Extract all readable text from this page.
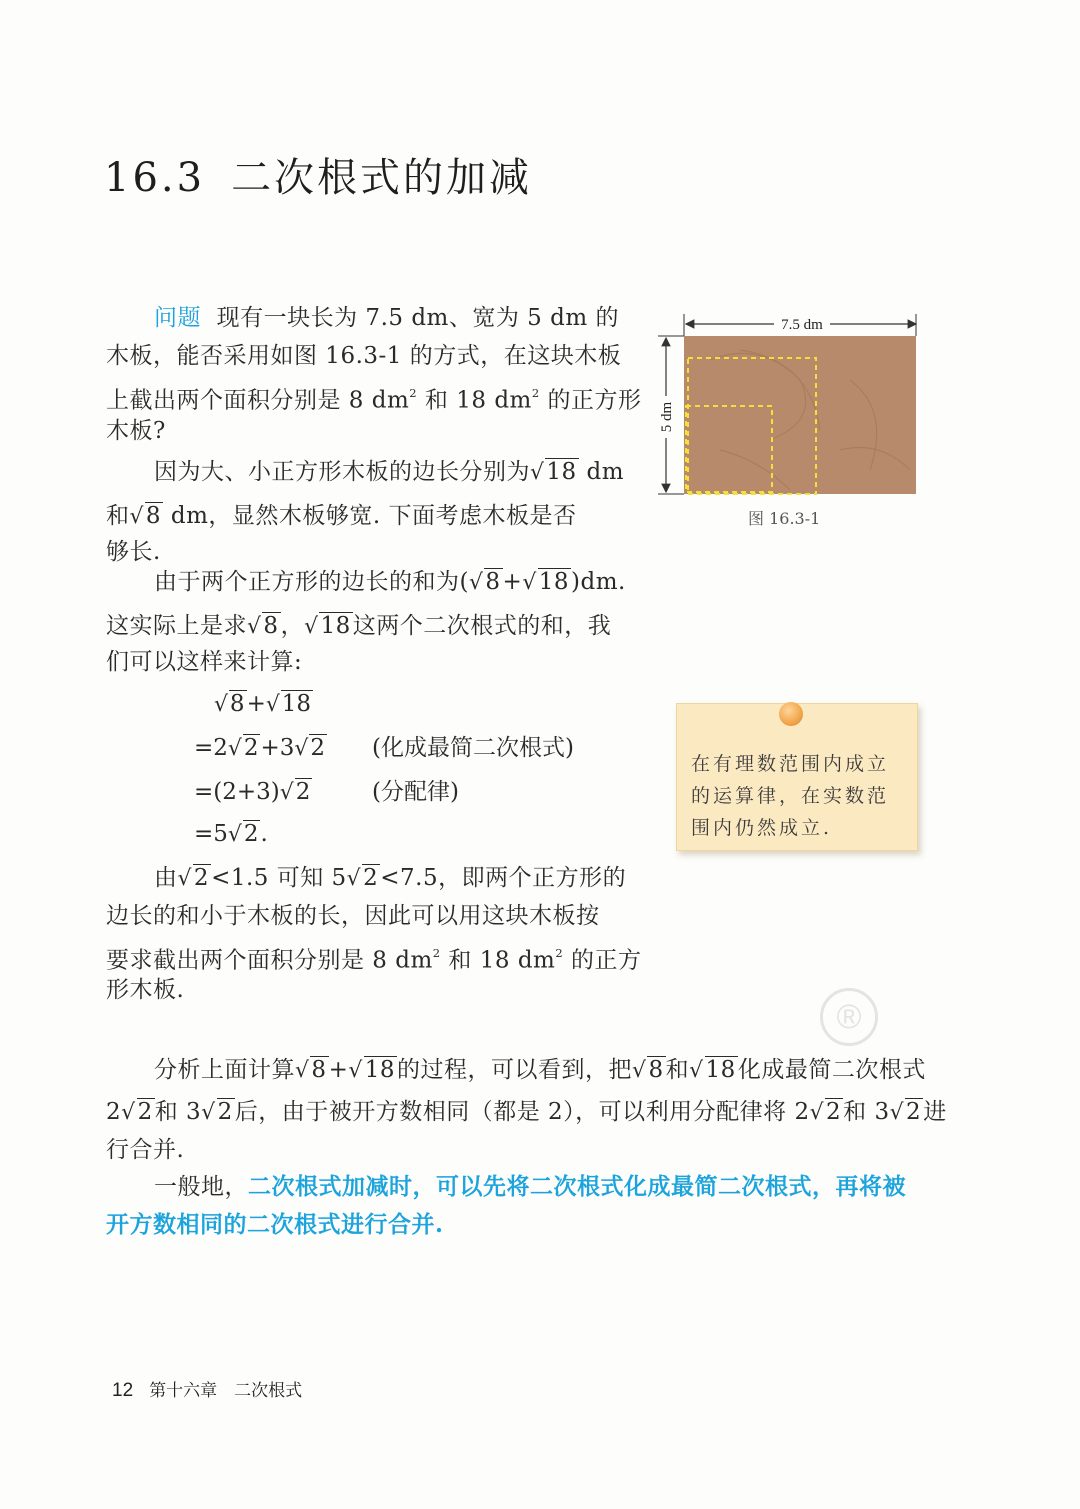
16.3 二次根式的加减
问题 现有一块长为 7.5 dm、宽为 5 dm 的
木板，能否采用如图 16.3-1 的方式，在这块木板
上截出两个面积分别是 8 $dm^2$ 和 18 $dm^2$ 的正方形
木板?
因为大、小正方形木板的边长分别为√18 dm
和√8 dm，显然木板够宽. 下面考虑木板是否
够长.
由于两个正方形的边长的和为(√8+√18)dm.
这实际上是求√8，√18这两个二次根式的和，我
们可以这样来计算:
√8+√18
=2√2+3√2 (化成最简二次根式)
=(2+3)√2	(分配律)
=5√2.
由√2<1.5 可知 5√2<7.5，即两个正方形的
边长的和小于木板的长，因此可以用这块木板按
要求截出两个面积分别是 8 $dm^2$ 和 18 $dm^2$ 的正方
形木板.
分析上面计算√8+√18的过程，可以看到，把√8和√18化成最简二次根式
2√2和 3√2后，由于被开方数相同（都是 2），可以利用分配律将 2√2和 3√2进
行合并.
一般地，二次根式加减时，可以先将二次根式化成最简二次根式，再将被
开方数相同的二次根式进行合并.
7.5 dm
5 dm
图 16.3-1
在有理数范围内成立的运算律，在实数范围内仍然成立.
®
12 第十六章　二次根式
